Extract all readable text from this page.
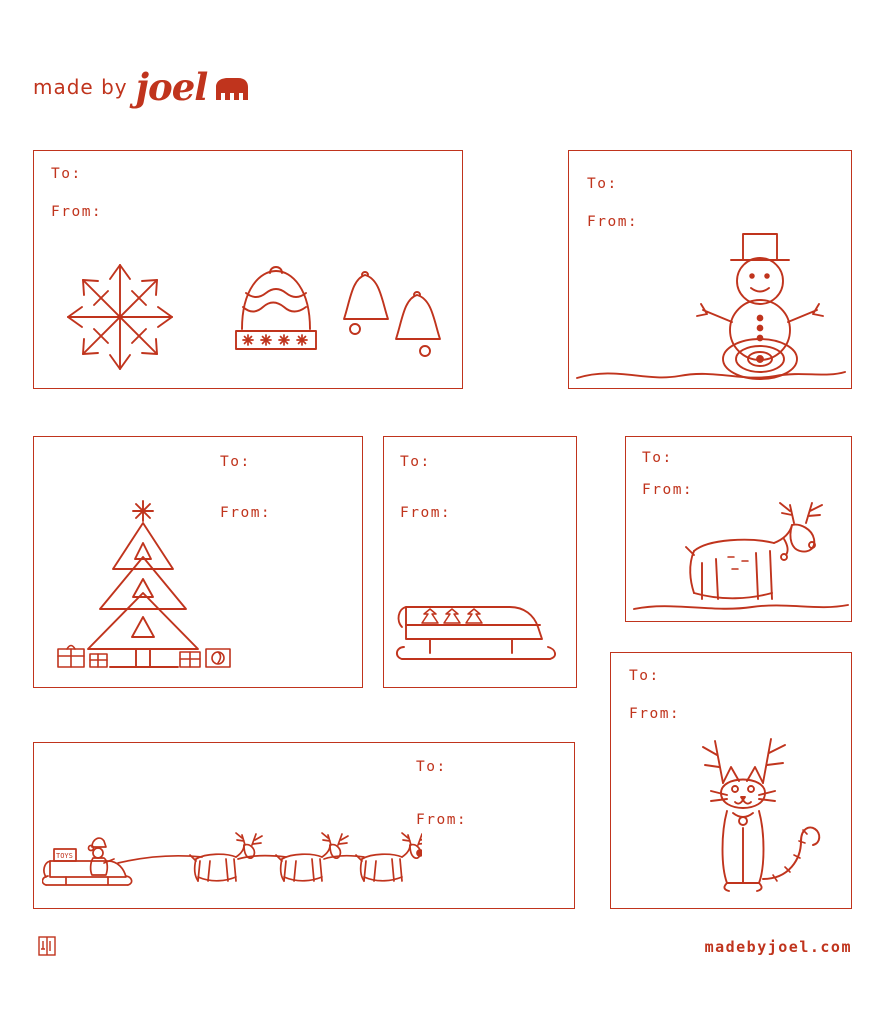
made by joel
To:
From:
To:
From:
To:
From:
To:
From:
To:
From:
To:
From:
To:
From:
TOYS
madebyjoel.com
